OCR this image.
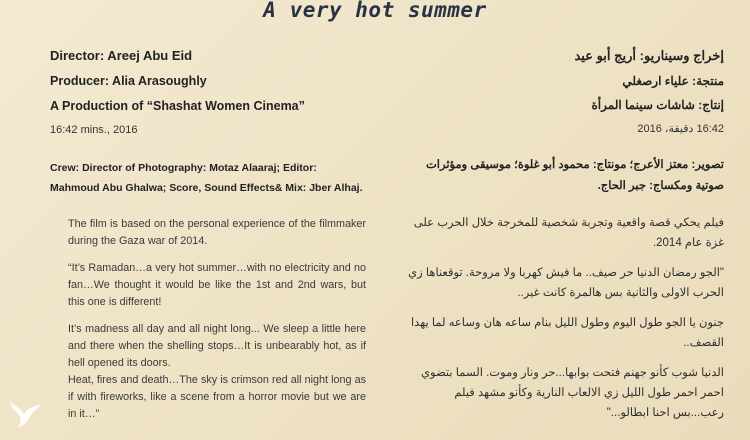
A very hot summer
Director: Areej Abu Eid
Producer: Alia Arasoughly
A Production of “Shashat Women Cinema”
16:42 mins., 2016
Crew: Director of Photography: Motaz Alaaraj; Editor: Mahmoud Abu Ghalwa; Score, Sound Effects& Mix: Jber Alhaj.

The film is based on the personal experience of the filmmaker during the Gaza war of 2014.

“It’s Ramadan…a very hot summer…with no electricity and no fan…We thought it would be like the 1st and 2nd wars, but this one is different!

It’s madness all day and all night long... We sleep a little here and there when the shelling stops…It is unbearably hot, as if hell opened its doors.

Heat, fires and death…The sky is crimson red all night long as if with fireworks, like a scene from a horror movie but we are in it…”

إخراج وسيناريو: أريج أبو عيد
منتجة: علياء ارصغلي
إنتاج: شاشات سينما المرأة
16:42 دقيقة، 2016
تصوير: معتز الأعرج؛ مونتاج: محمود أبو غلوة؛ موسيقى ومؤثرات صوتية ومكساج: جبر الحاج.

فيلم يحكي قصة واقعية وتجربة شخصية للمخرجة خلال الحرب على غزة عام 2014.

"الجو رمضان الدنيا حر صيف.. ما فيش كهربا ولا مروحة. توقعناها زي الحرب الاولى والثانية بس هالمرة كانت غير..

جنون يا الجو طول اليوم وطول الليل بنام ساعه هان وساعه لما يهدا القصف..

الدنيا شوب كأنو جهنم فتحت بوابها...حر ونار وموت. السما بتضوي احمر احمر طول الليل زي الالعاب النارية وكأنو مشهد فيلم رعب...بس احنا ابطالو..."
